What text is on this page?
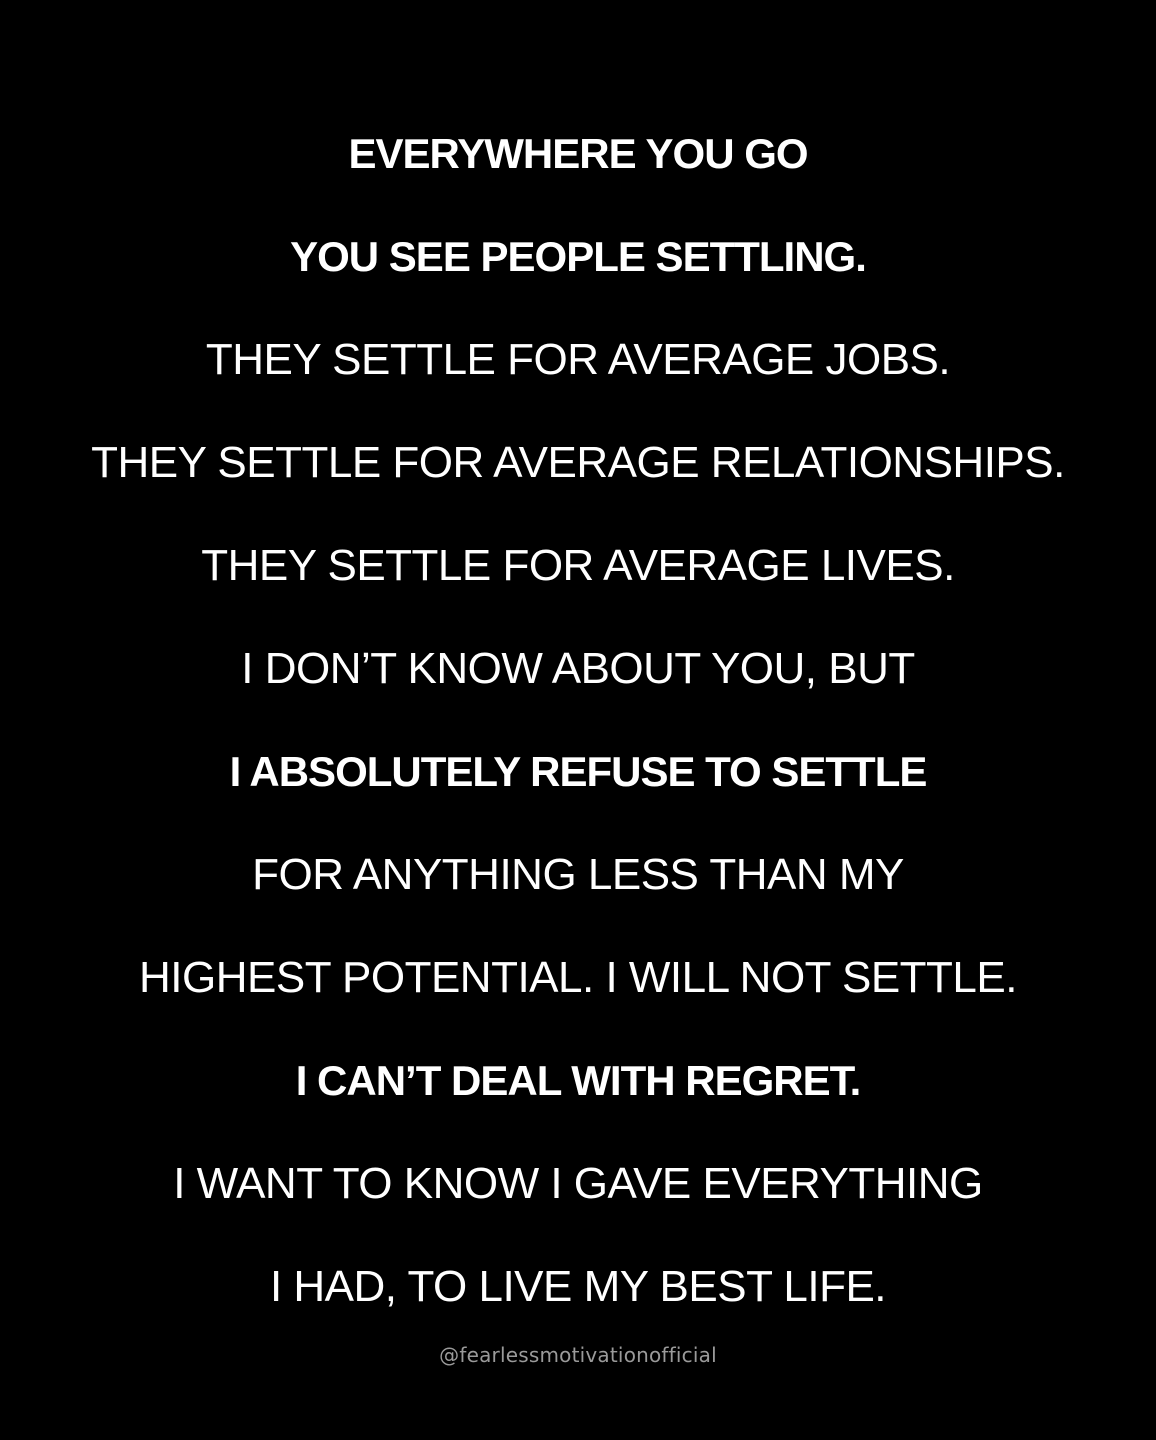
EVERYWHERE YOU GO
YOU SEE PEOPLE SETTLING.
THEY SETTLE FOR AVERAGE JOBS.
THEY SETTLE FOR AVERAGE RELATIONSHIPS.
THEY SETTLE FOR AVERAGE LIVES.
I DON’T KNOW ABOUT YOU, BUT
I ABSOLUTELY REFUSE TO SETTLE
FOR ANYTHING LESS THAN MY
HIGHEST POTENTIAL. I WILL NOT SETTLE.
I CAN’T DEAL WITH REGRET.
I WANT TO KNOW I GAVE EVERYTHING
I HAD, TO LIVE MY BEST LIFE.
@fearlessmotivationofficial
